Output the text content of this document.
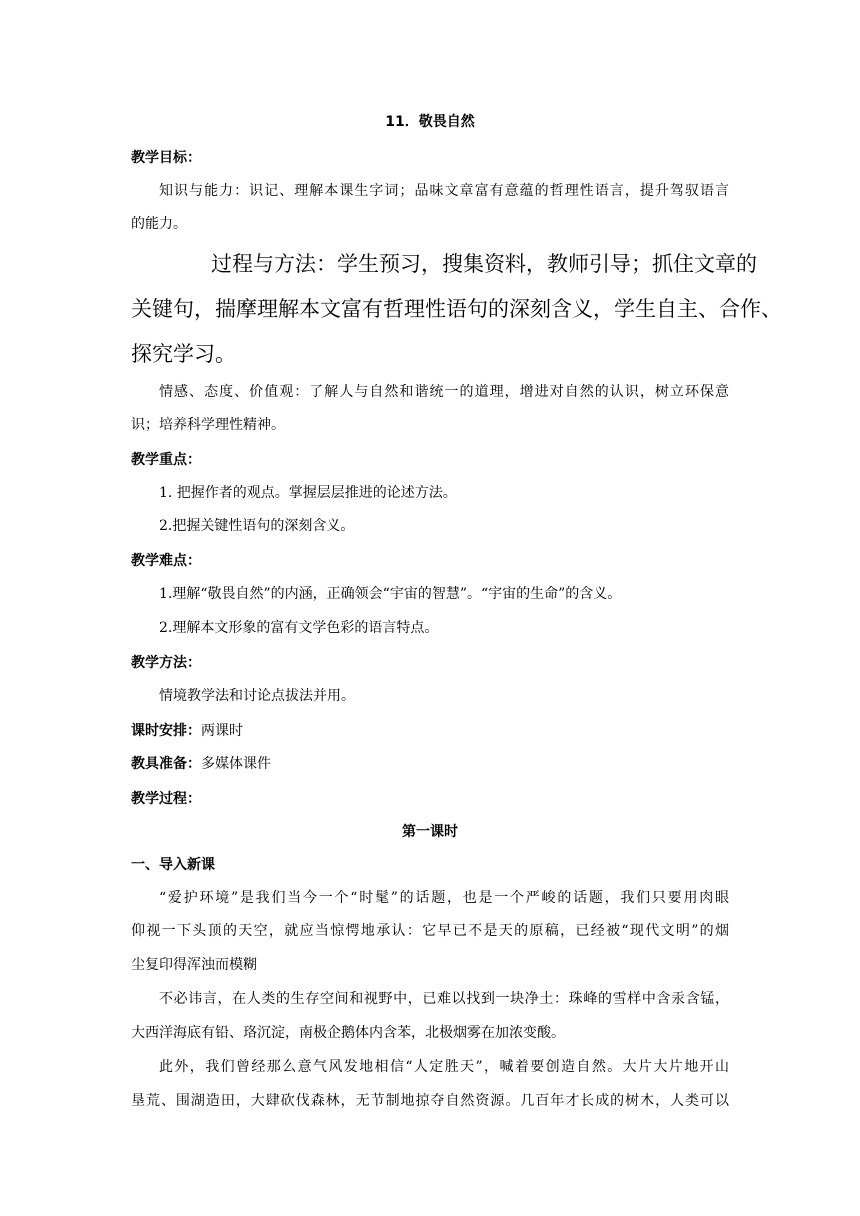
11．敬畏自然
教学目标：
知识与能力：识记、理解本课生字词；品味文章富有意蕴的哲理性语言，提升驾驭语言
的能力。
过程与方法：学生预习，搜集资料，教师引导；抓住文章的
关键句，揣摩理解本文富有哲理性语句的深刻含义，学生自主、合作、
探究学习。
情感、态度、价值观：了解人与自然和谐统一的道理，增进对自然的认识，树立环保意
识；培养科学理性精神。
教学重点：
1. 把握作者的观点。掌握层层推进的论述方法。
2.把握关键性语句的深刻含义。
教学难点：
1.理解“敬畏自然”的内涵，正确领会“宇宙的智慧”。“宇宙的生命”的含义。
2.理解本文形象的富有文学色彩的语言特点。
教学方法：
情境教学法和讨论点拔法并用。
课时安排：两课时
教具准备：多媒体课件
教学过程：
第一课时
一、导入新课
“爱护环境”是我们当今一个“时髦”的话题，也是一个严峻的话题，我们只要用肉眼
仰视一下头顶的天空，就应当惊愕地承认：它早已不是天的原稿，已经被“现代文明”的烟
尘复印得浑浊而模糊
不必讳言，在人类的生存空间和视野中，已难以找到一块净土：珠峰的雪样中含汞含锰，
大西洋海底有铅、珞沉淀，南极企鹅体内含苯，北极烟雾在加浓变酸。
此外，我们曾经那么意气风发地相信“人定胜天”，喊着要创造自然。大片大片地开山
垦荒、围湖造田，大肆砍伐森林，无节制地掠夺自然资源。几百年才长成的树木，人类可以
